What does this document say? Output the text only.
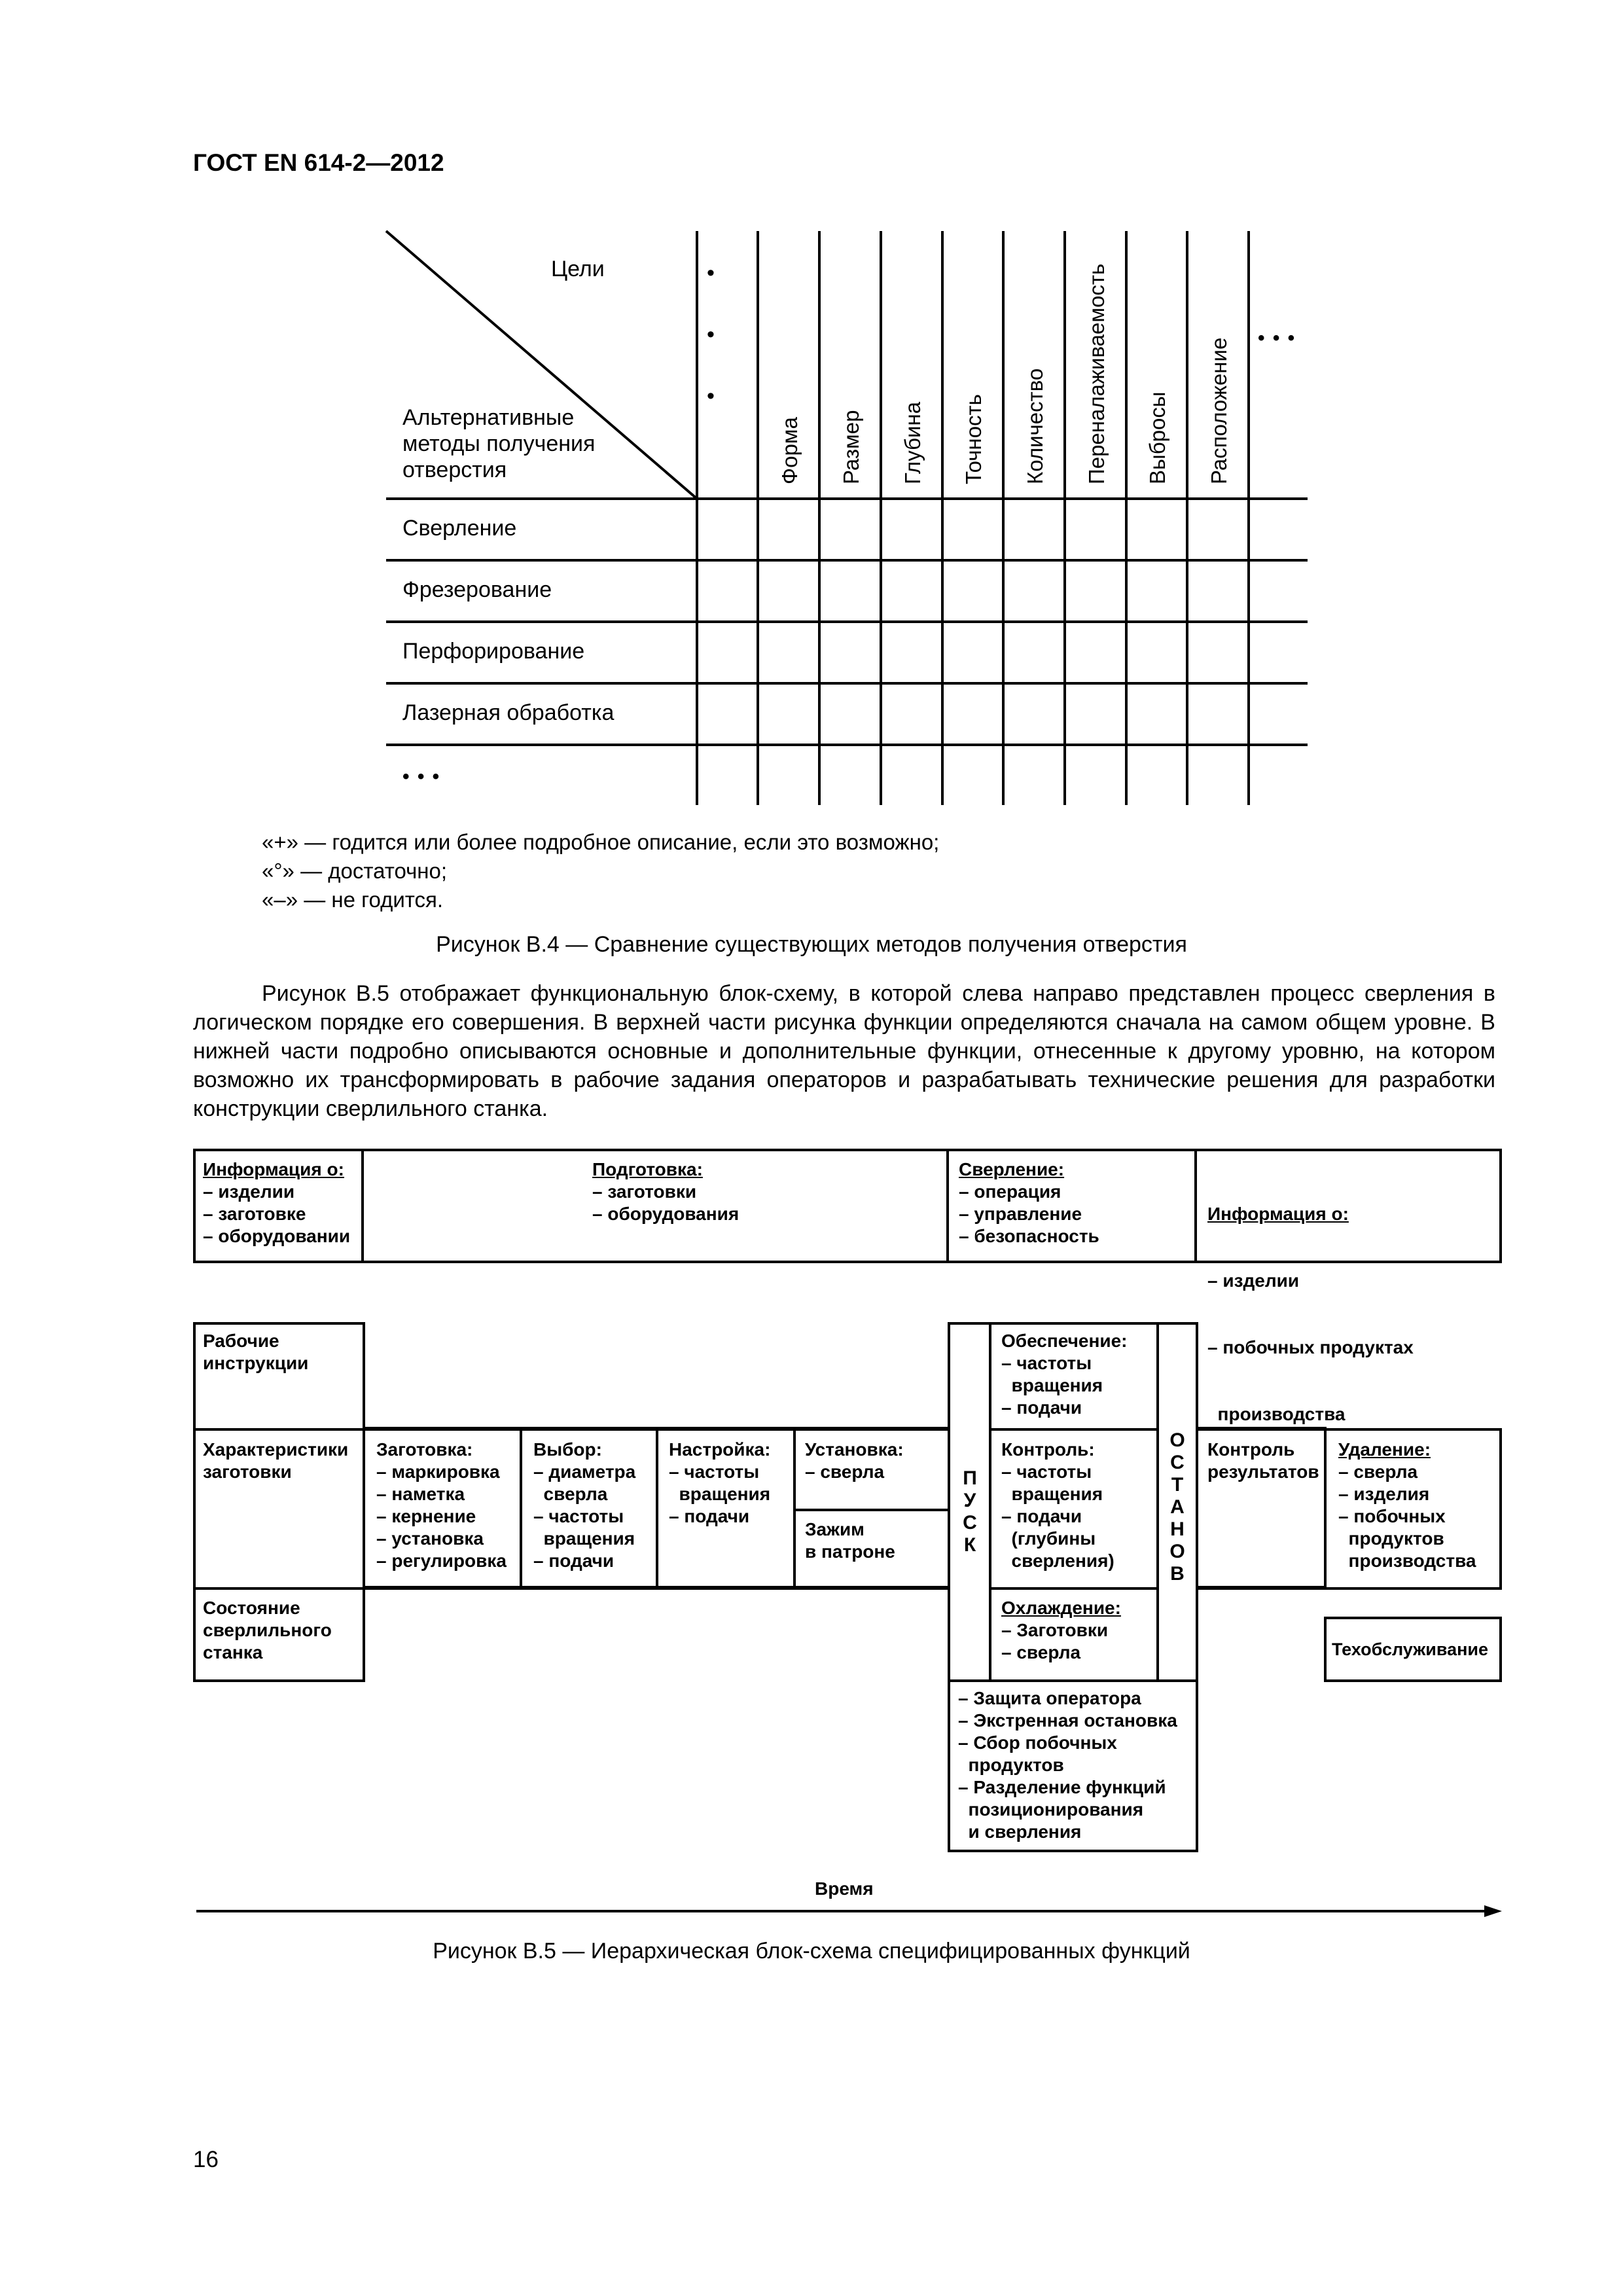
ГОСТ EN 614-2—2012
Цели
Альтернативные
методы получения
отверстия
•
•
•
Форма Размер Глубина Точность Количество Переналаживаемость Выбросы Расположение • • •
Сверление
Фрезерование
Перфорирование
Лазерная обработка
• • •
«+» — годится или более подробное описание, если это возможно;
«°» — достаточно;
«–» — не годится.
Рисунок В.4 — Сравнение существующих методов получения отверстия

Рисунок В.5 отображает функциональную блок-схему, в которой слева направо представлен процесс сверления в логическом порядке его совершения. В верхней части рисунка функции определяются сначала на самом общем уровне. В нижней части подробно описываются основные и дополнительные функции, отнесенные к другому уровню, на котором возможно их трансформировать в рабочие задания операторов и разрабатывать технические решения для разработки конструкции сверлильного станка.

Информация о:
– изделии
– заготовке
– оборудовании
Подготовка:
– заготовки
– оборудования
Сверление:
– операция
– управление
– безопасность

Информация о:

– изделии

– побочных продуктах

производства

Рабочие
инструкции
Характеристики
заготовки
Состояние
сверлильного
станка
Заготовка:
– маркировка
– наметка
– кернение
– установка
– регулировка
Выбор:
– диаметра
сверла
– частоты
вращения
– подачи
Настройка:
– частоты
вращения
– подачи
Установка:
– сверла
Зажим
в патроне
П
У
С
К
Обеспечение:
– частоты
вращения
– подачи
Контроль:
– частоты
вращения
– подачи
(глубины
сверления)
Охлаждение:
– Заготовки
– сверла
О
С
Т
А
Н
О
В
Контроль
результатов
Удаление:
– сверла
– изделия
– побочных
продуктов
производства
Техобслуживание
– Защита оператора
– Экстренная остановка
– Сбор побочных
продуктов
– Разделение функций
позиционирования
и сверления
Время
Рисунок В.5 — Иерархическая блок-схема специфицированных функций
16
